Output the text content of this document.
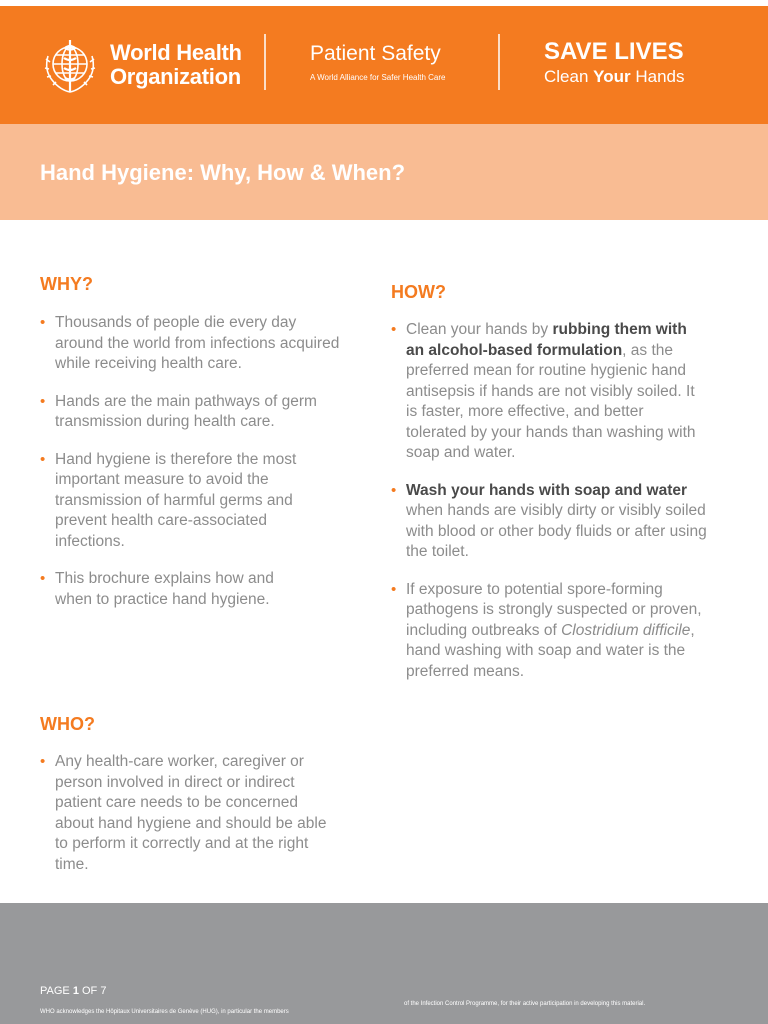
World Health
Organization
Patient Safety
A World Alliance for Safer Health Care
SAVE LIVES
Clean Your Hands
Hand Hygiene: Why, How & When?
WHY?
• Thousands of people die every day around the world from infections acquired while receiving health care.
• Hands are the main pathways of germ transmission during health care.
• Hand hygiene is therefore the most important measure to avoid the transmission of harmful germs and prevent health care-associated infections.
• This brochure explains how and when to practice hand hygiene.
WHO?
• Any health-care worker, caregiver or person involved in direct or indirect patient care needs to be concerned about hand hygiene and should be able to perform it correctly and at the right time.
HOW?
• Clean your hands by rubbing them with an alcohol-based formulation, as the preferred mean for routine hygienic hand antisepsis if hands are not visibly soiled. It is faster, more effective, and better tolerated by your hands than washing with soap and water.
• Wash your hands with soap and water when hands are visibly dirty or visibly soiled with blood or other body fluids or after using the toilet.
• If exposure to potential spore-forming pathogens is strongly suspected or proven, including outbreaks of Clostridium difficile, hand washing with soap and water is the preferred means.
PAGE 1 OF 7
of the Infection Control Programme, for their active participation in developing this material.
WHO acknowledges the Hôpitaux Universitaires de Genève (HUG), in particular the members
